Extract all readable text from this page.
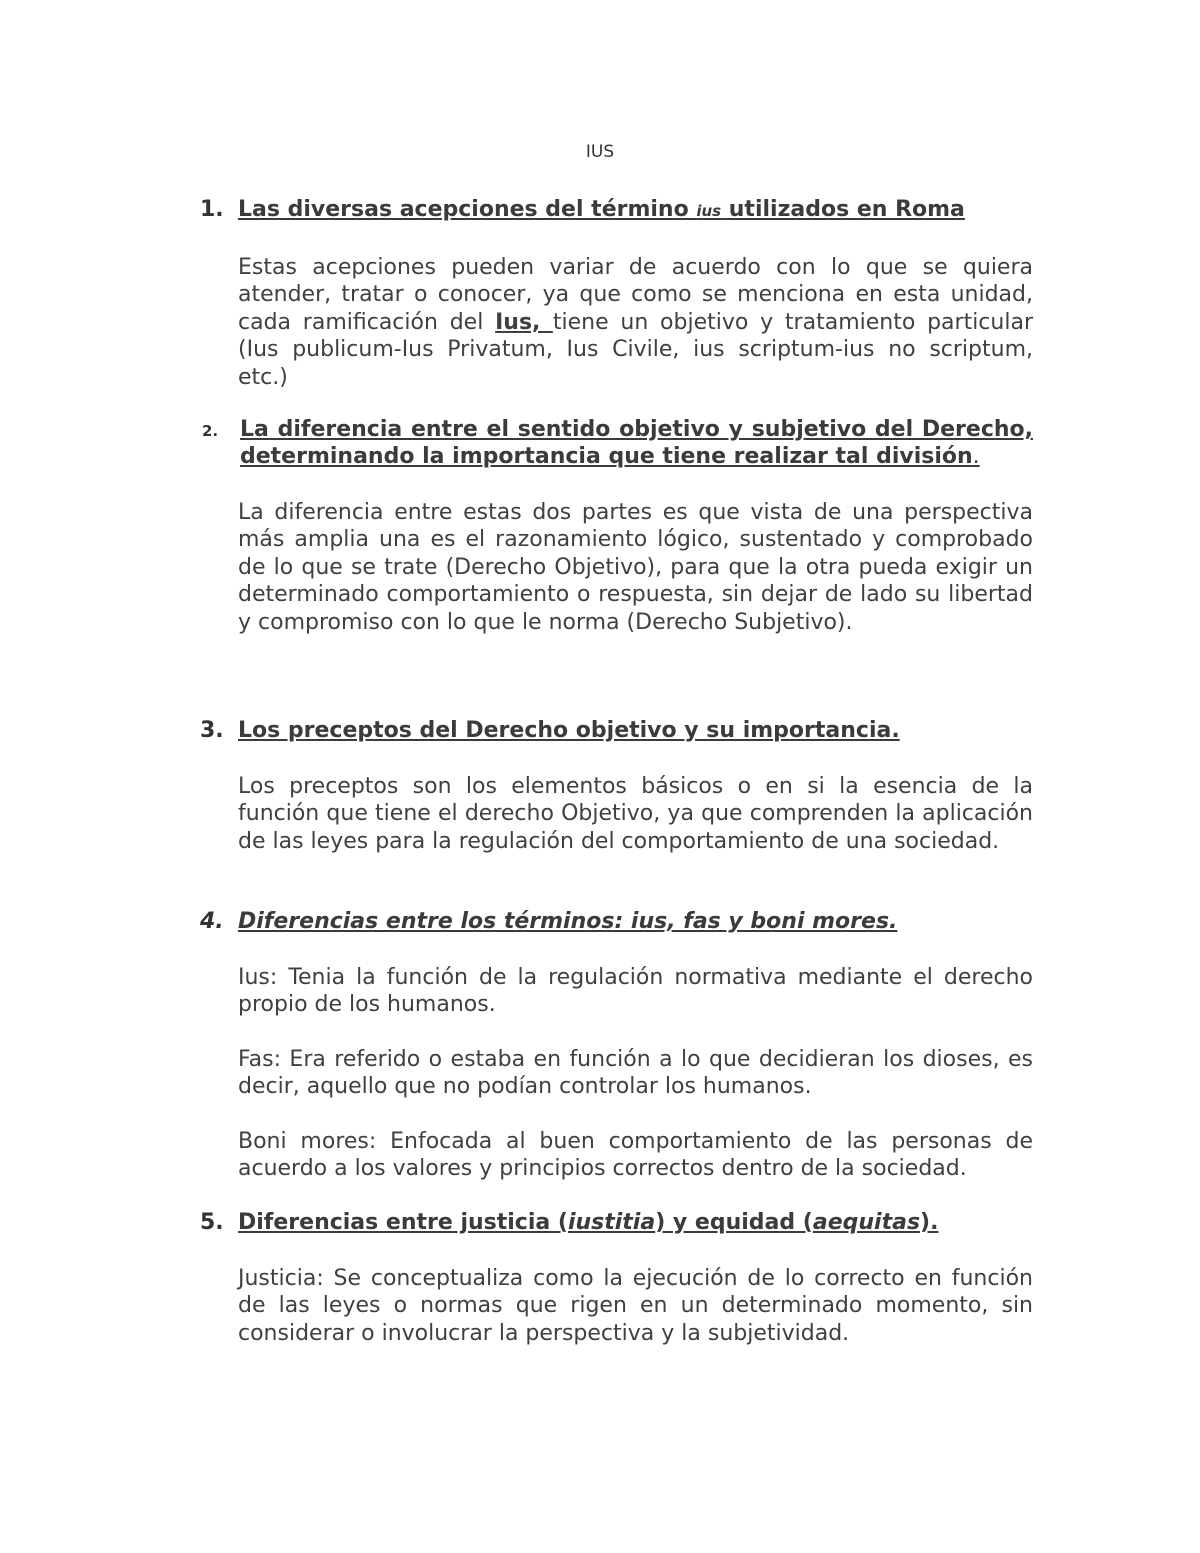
IUS
1. Las diversas acepciones del término ius utilizados en Roma
Estas acepciones pueden variar de acuerdo con lo que se quiera atender, tratar o conocer, ya que como se menciona en esta unidad, cada ramificación del Ius, tiene un objetivo y tratamiento particular (Ius publicum-Ius Privatum, Ius Civile, ius scriptum-ius no scriptum, etc.)
2. La diferencia entre el sentido objetivo y subjetivo del Derecho, determinando la importancia que tiene realizar tal división.
La diferencia entre estas dos partes es que vista de una perspectiva más amplia una es el razonamiento lógico, sustentado y comprobado de lo que se trate (Derecho Objetivo), para que la otra pueda exigir un determinado comportamiento o respuesta, sin dejar de lado su libertad y compromiso con lo que le norma (Derecho Subjetivo).
3. Los preceptos del Derecho objetivo y su importancia.
Los preceptos son los elementos básicos o en si la esencia de la función que tiene el derecho Objetivo, ya que comprenden la aplicación de las leyes para la regulación del comportamiento de una sociedad.
4. Diferencias entre los términos: ius, fas y boni mores.
Ius: Tenia la función de la regulación normativa mediante el derecho propio de los humanos.
Fas: Era referido o estaba en función a lo que decidieran los dioses, es decir, aquello que no podían controlar los humanos.
Boni mores: Enfocada al buen comportamiento de las personas de acuerdo a los valores y principios correctos dentro de la sociedad.
5. Diferencias entre justicia (iustitia) y equidad (aequitas).
Justicia: Se conceptualiza como la ejecución de lo correcto en función de las leyes o normas que rigen en un determinado momento, sin considerar o involucrar la perspectiva y la subjetividad.
